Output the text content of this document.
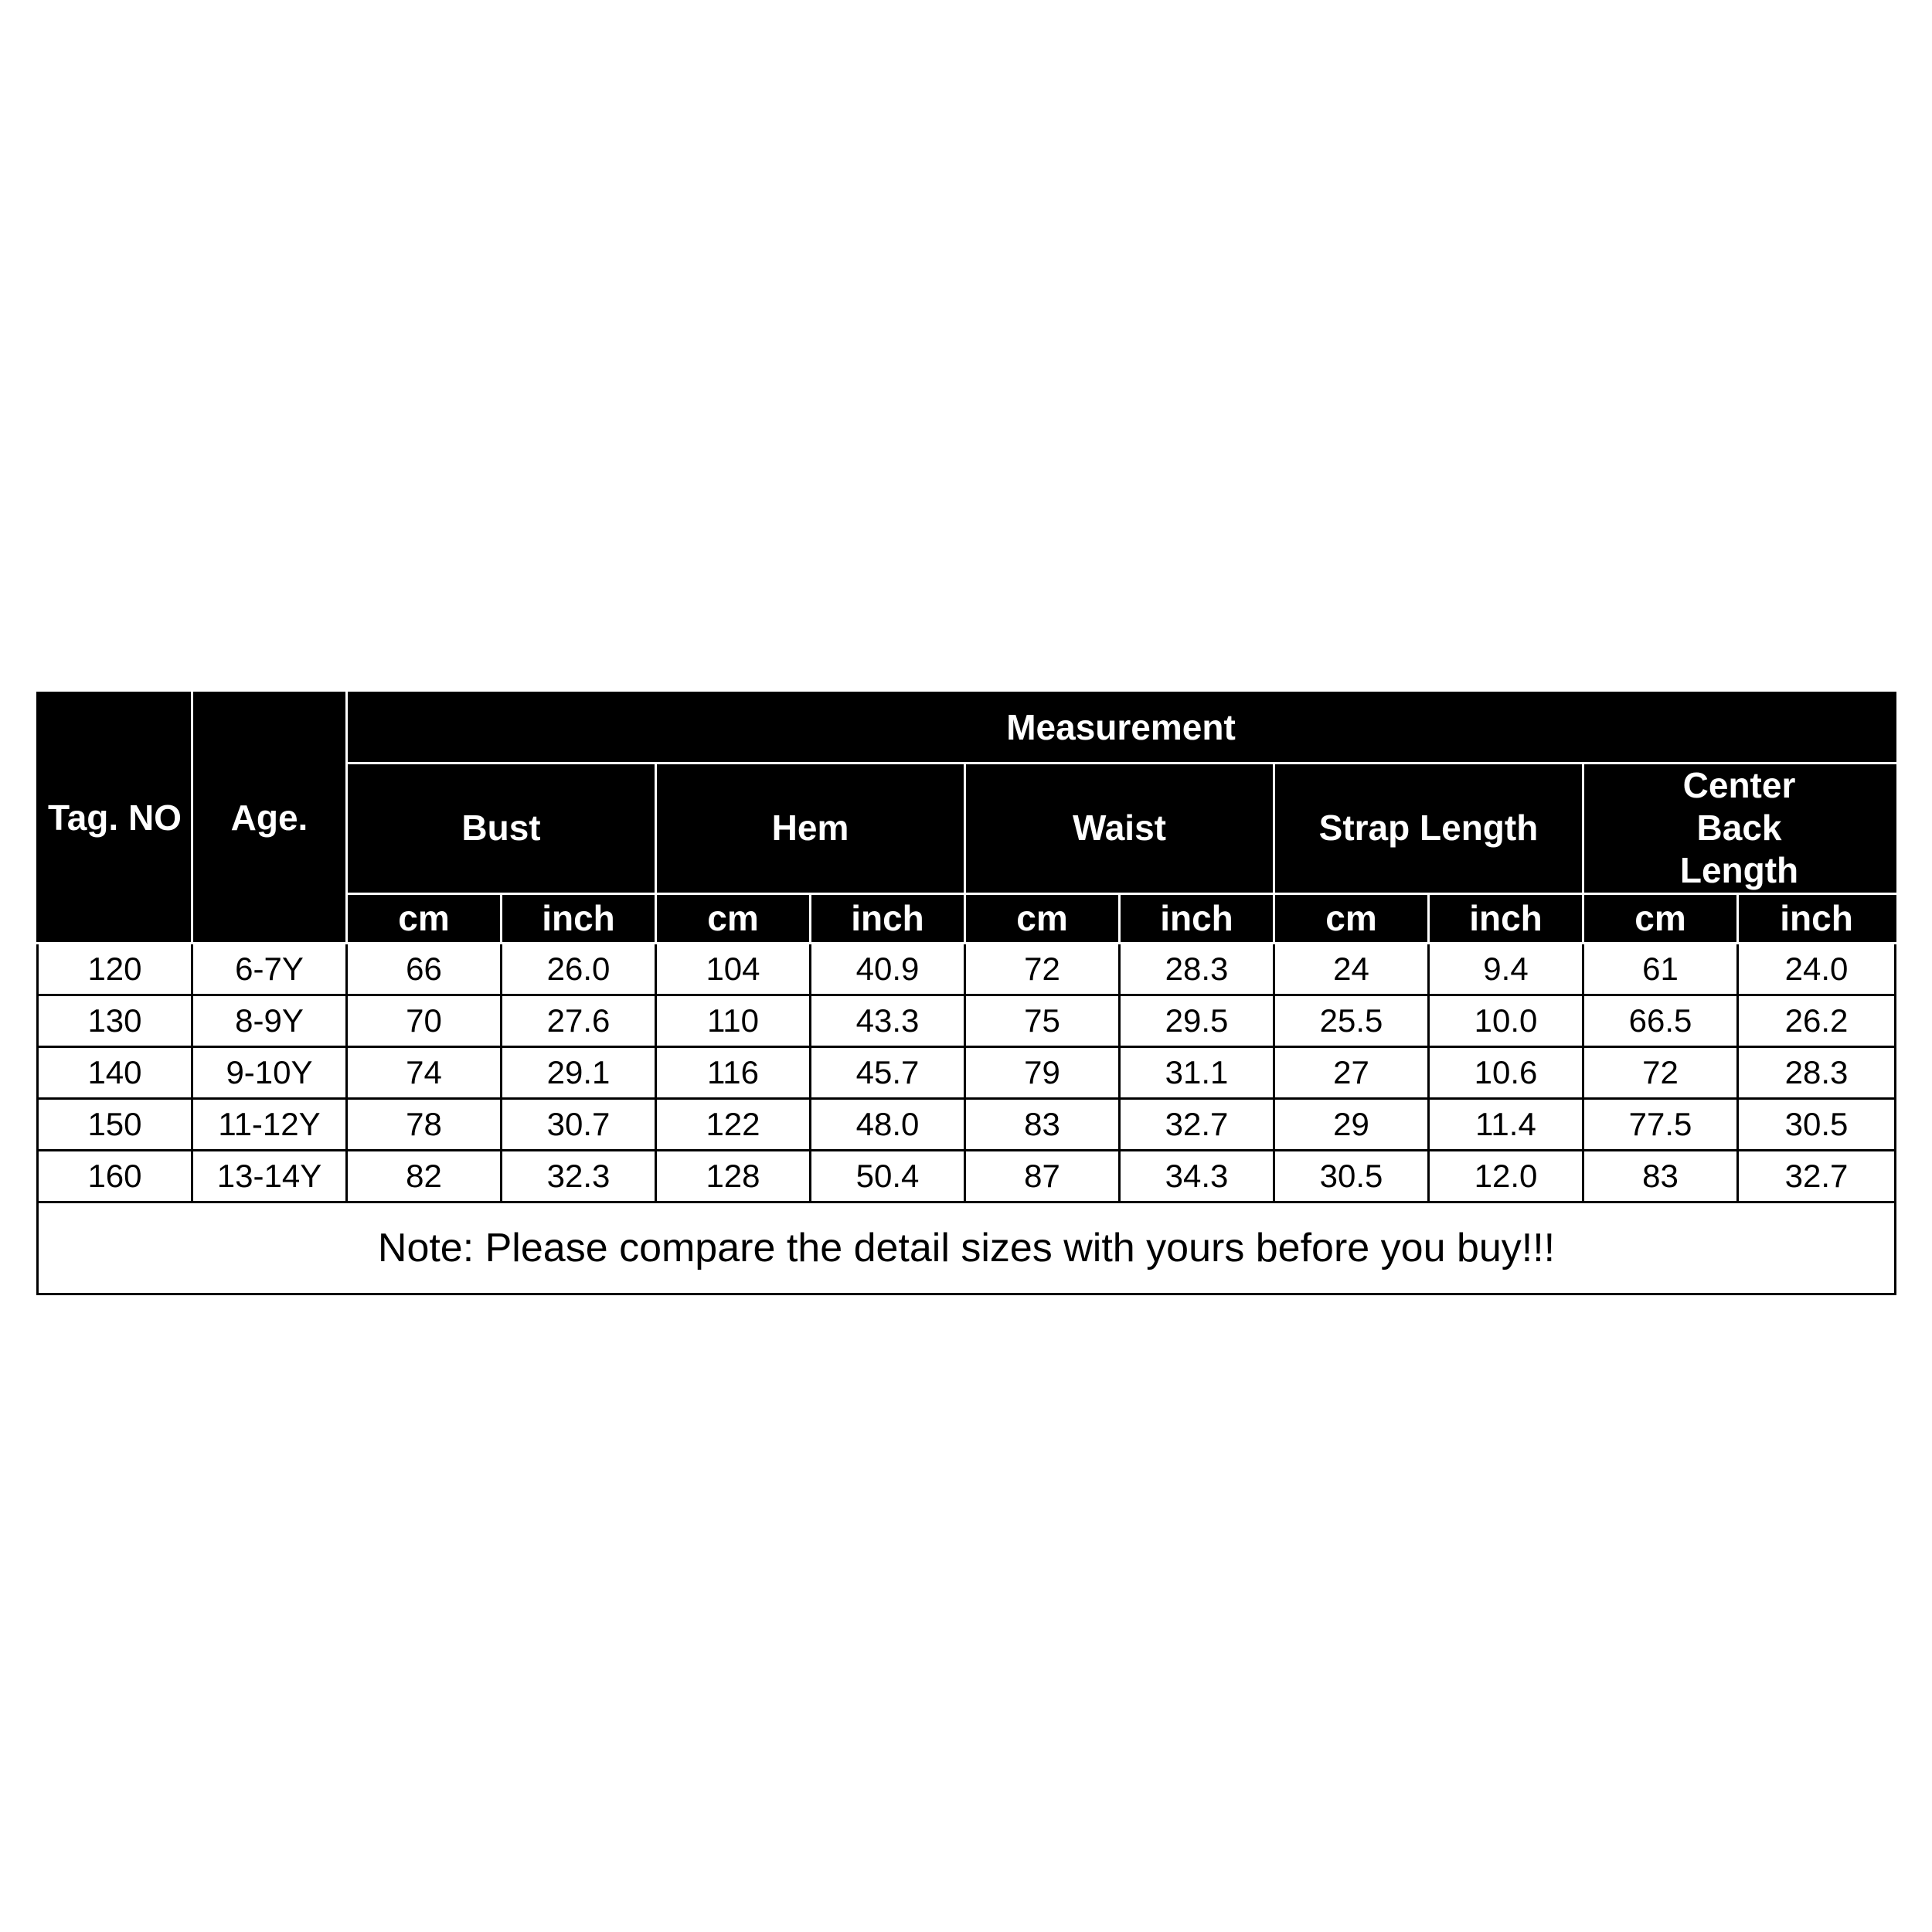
Tag. NO	Age.	Measurement									
		Bust		Hem		Waist		Strap Length		Center Back Length	

		cm	inch	cm	inch	cm	inch	cm	inch	cm	inch
120	6-7Y	66	26.0	104	40.9	72	28.3	24	9.4	61	24.0
130	8-9Y	70	27.6	110	43.3	75	29.5	25.5	10.0	66.5	26.2
140	9-10Y	74	29.1	116	45.7	79	31.1	27	10.6	72	28.3
150	11-12Y	78	30.7	122	48.0	83	32.7	29	11.4	77.5	30.5
160	13-14Y	82	32.3	128	50.4	87	34.3	30.5	12.0	83	32.7
Note: Please compare the detail sizes with yours before you buy!!!											
